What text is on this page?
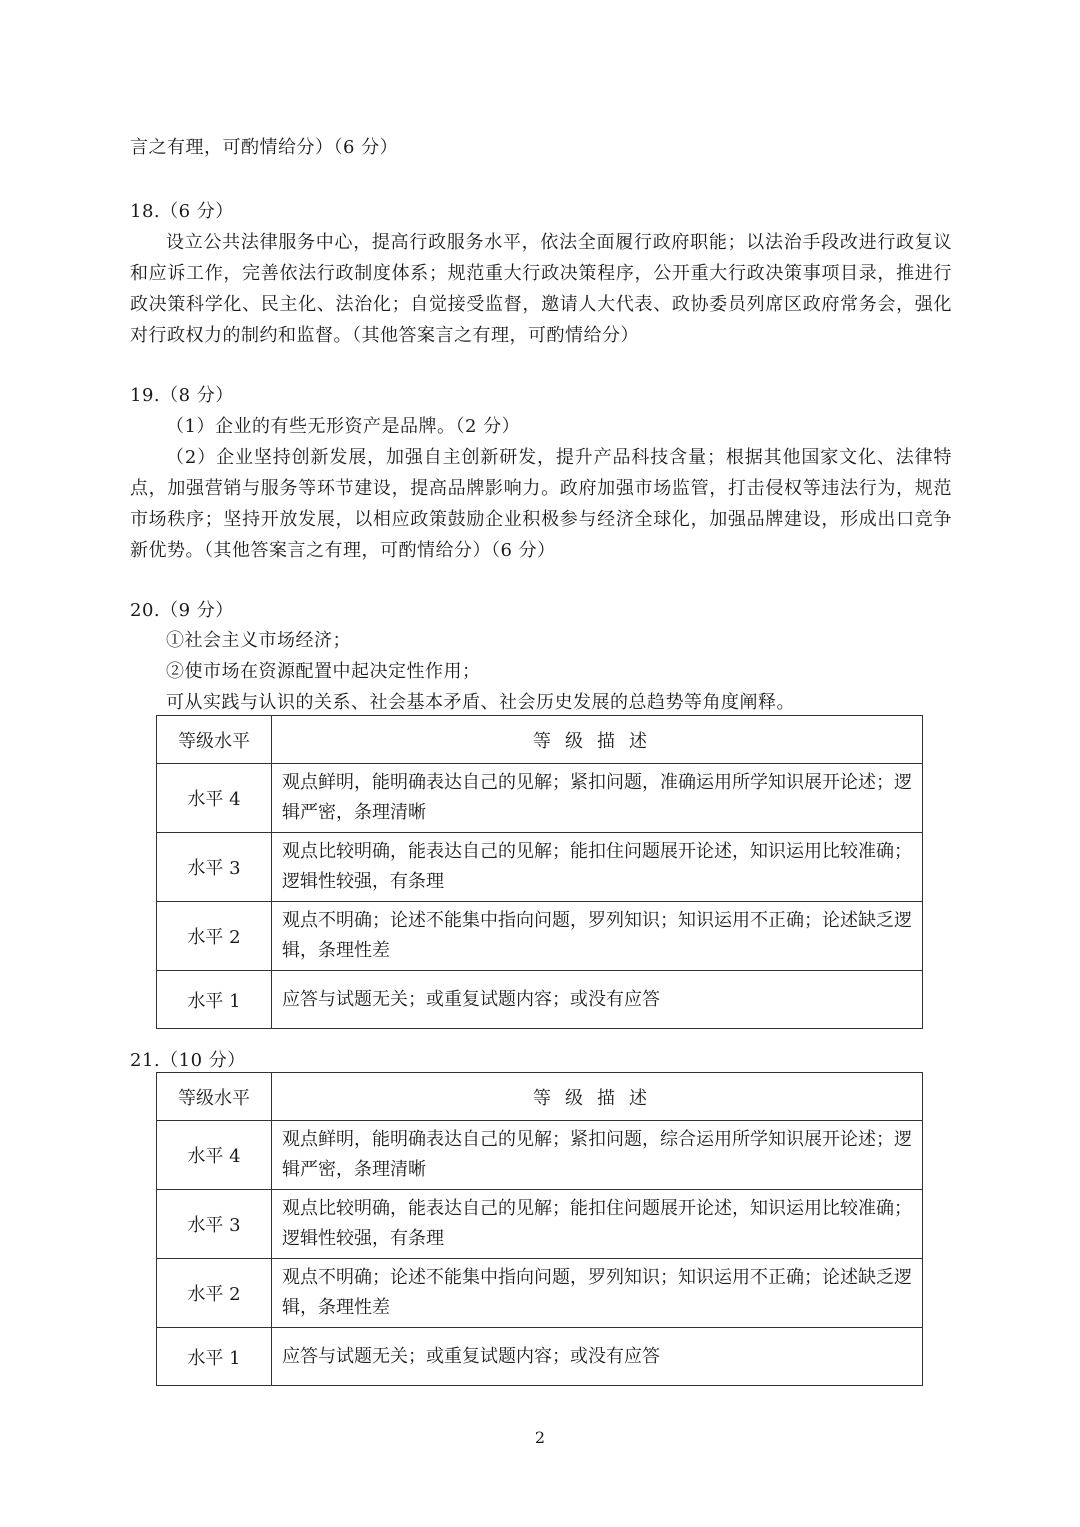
言之有理，可酌情给分）（6 分）
18.（6 分）
设立公共法律服务中心，提高行政服务水平，依法全面履行政府职能；以法治手段改进行政复议和应诉工作，完善依法行政制度体系；规范重大行政决策程序，公开重大行政决策事项目录，推进行政决策科学化、民主化、法治化；自觉接受监督，邀请人大代表、政协委员列席区政府常务会，强化对行政权力的制约和监督。（其他答案言之有理，可酌情给分）
19.（8 分）
（1）企业的有些无形资产是品牌。（2 分）
（2）企业坚持创新发展，加强自主创新研发，提升产品科技含量；根据其他国家文化、法律特点，加强营销与服务等环节建设，提高品牌影响力。政府加强市场监管，打击侵权等违法行为，规范市场秩序；坚持开放发展，以相应政策鼓励企业积极参与经济全球化，加强品牌建设，形成出口竞争新优势。（其他答案言之有理，可酌情给分）（6 分）
20.（9 分）
①社会主义市场经济；
②使市场在资源配置中起决定性作用；
可从实践与认识的关系、社会基本矛盾、社会历史发展的总趋势等角度阐释。
等级水平	等级描述
水平 4	观点鲜明，能明确表达自己的见解；紧扣问题，准确运用所学知识展开论述；逻辑严密，条理清晰
水平 3	观点比较明确，能表达自己的见解；能扣住问题展开论述，知识运用比较准确；逻辑性较强，有条理
水平 2	观点不明确；论述不能集中指向问题，罗列知识；知识运用不正确；论述缺乏逻辑，条理性差
水平 1	应答与试题无关；或重复试题内容；或没有应答
21.（10 分）
等级水平	等级描述
水平 4	观点鲜明，能明确表达自己的见解；紧扣问题，综合运用所学知识展开论述；逻辑严密，条理清晰
水平 3	观点比较明确，能表达自己的见解；能扣住问题展开论述，知识运用比较准确；逻辑性较强，有条理
水平 2	观点不明确；论述不能集中指向问题，罗列知识；知识运用不正确；论述缺乏逻辑，条理性差
水平 1	应答与试题无关；或重复试题内容；或没有应答
2
